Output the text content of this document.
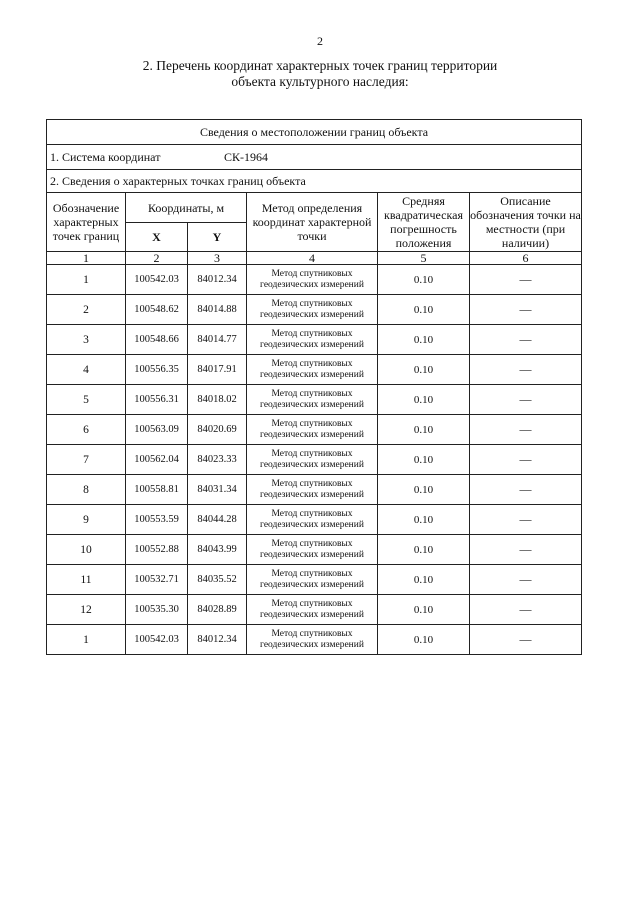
2
2. Перечень координат характерных точек границ территории
объекта культурного наследия:
Сведения о местоположении границ объекта					
1. Система координат СК-1964					
2. Сведения о характерных точках границ объекта					
Обозначение характерных точек границ	Координаты, м		Метод определения координат характерной точки	Средняя квадратическая погрешность положения	Описание обозначения точки на местности (при наличии)
	X	Y			
1	2	3	4	5	6
1	100542.03	84012.34	Метод спутниковых геодезических измерений	0.10	—
2	100548.62	84014.88	Метод спутниковых геодезических измерений	0.10	—
3	100548.66	84014.77	Метод спутниковых геодезических измерений	0.10	—
4	100556.35	84017.91	Метод спутниковых геодезических измерений	0.10	—
5	100556.31	84018.02	Метод спутниковых геодезических измерений	0.10	—
6	100563.09	84020.69	Метод спутниковых геодезических измерений	0.10	—
7	100562.04	84023.33	Метод спутниковых геодезических измерений	0.10	—
8	100558.81	84031.34	Метод спутниковых геодезических измерений	0.10	—
9	100553.59	84044.28	Метод спутниковых геодезических измерений	0.10	—
10	100552.88	84043.99	Метод спутниковых геодезических измерений	0.10	—
11	100532.71	84035.52	Метод спутниковых геодезических измерений	0.10	—
12	100535.30	84028.89	Метод спутниковых геодезических измерений	0.10	—
1	100542.03	84012.34	Метод спутниковых геодезических измерений	0.10	—
